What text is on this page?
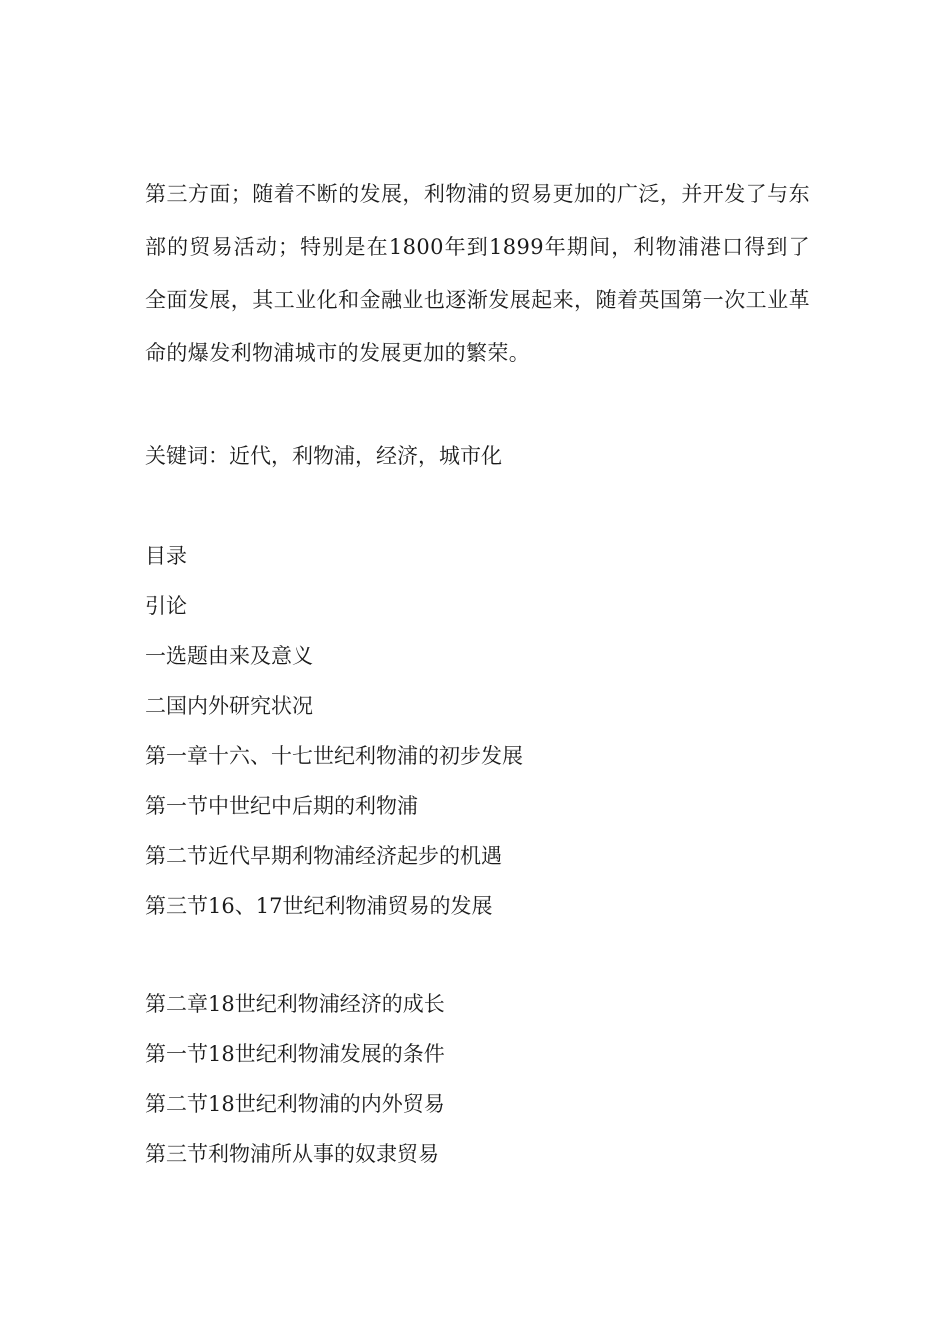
第三方面；随着不断的发展，利物浦的贸易更加的广泛，并开发了与东部的贸易活动；特别是在1800年到1899年期间，利物浦港口得到了全面发展，其工业化和金融业也逐渐发展起来，随着英国第一次工业革命的爆发利物浦城市的发展更加的繁荣。

关键词：近代，利物浦，经济，城市化

目录

引论
一选题由来及意义
二国内外研究状况
第一章十六、十七世纪利物浦的初步发展
第一节中世纪中后期的利物浦
第二节近代早期利物浦经济起步的机遇
第三节16、17世纪利物浦贸易的发展
第二章18世纪利物浦经济的成长
第一节18世纪利物浦发展的条件
第二节18世纪利物浦的内外贸易
第三节利物浦所从事的奴隶贸易
